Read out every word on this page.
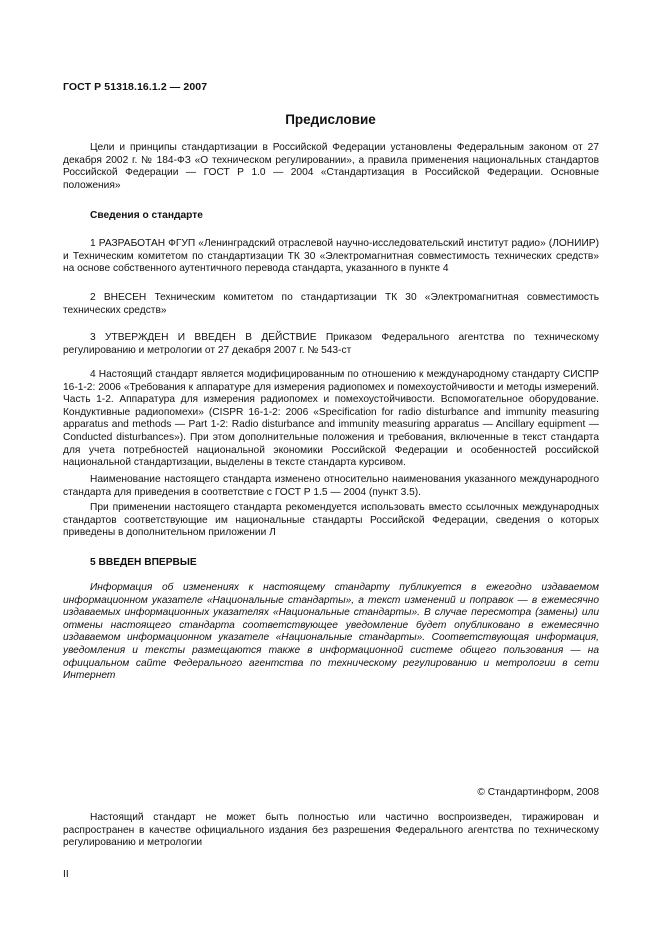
ГОСТ Р 51318.16.1.2 — 2007
Предисловие

Цели и принципы стандартизации в Российской Федерации установлены Федеральным законом от 27 декабря 2002 г. № 184-ФЗ «О техническом регулировании», а правила применения национальных стандартов Российской Федерации — ГОСТ Р 1.0 — 2004 «Стандартизация в Российской Федерации. Основные положения»

Сведения о стандарте

1 РАЗРАБОТАН ФГУП «Ленинградский отраслевой научно-исследовательский институт радио» (ЛОНИИР) и Техническим комитетом по стандартизации ТК 30 «Электромагнитная совместимость технических средств» на основе собственного аутентичного перевода стандарта, указанного в пункте 4

2 ВНЕСЕН Техническим комитетом по стандартизации ТК 30 «Электромагнитная совместимость технических средств»

3 УТВЕРЖДЕН И ВВЕДЕН В ДЕЙСТВИЕ Приказом Федерального агентства по техническому регулированию и метрологии от 27 декабря 2007 г. № 543-ст

4 Настоящий стандарт является модифицированным по отношению к международному стандарту СИСПР 16-1-2: 2006 «Требования к аппаратуре для измерения радиопомех и помехоустойчивости и методы измерений. Часть 1-2. Аппаратура для измерения радиопомех и помехоустойчивости. Вспомогательное оборудование. Кондуктивные радиопомехи» (CISPR 16-1-2: 2006 «Specification for radio disturbance and immunity measuring apparatus and methods — Part 1-2: Radio disturbance and immunity measuring apparatus — Ancillary equipment — Conducted disturbances»). При этом дополнительные положения и требования, включенные в текст стандарта для учета потребностей национальной экономики Российской Федерации и особенностей российской национальной стандартизации, выделены в тексте стандарта курсивом.

Наименование настоящего стандарта изменено относительно наименования указанного международного стандарта для приведения в соответствие с ГОСТ Р 1.5 — 2004 (пункт 3.5).

При применении настоящего стандарта рекомендуется использовать вместо ссылочных международных стандартов соответствующие им национальные стандарты Российской Федерации, сведения о которых приведены в дополнительном приложении Л

5 ВВЕДЕН ВПЕРВЫЕ

Информация об изменениях к настоящему стандарту публикуется в ежегодно издаваемом информационном указателе «Национальные стандарты», а текст изменений и поправок — в ежемесячно издаваемых информационных указателях «Национальные стандарты». В случае пересмотра (замены) или отмены настоящего стандарта соответствующее уведомление будет опубликовано в ежемесячно издаваемом информационном указателе «Национальные стандарты». Соответствующая информация, уведомления и тексты размещаются также в информационной системе общего пользования — на официальном сайте Федерального агентства по техническому регулированию и метрологии в сети Интернет

© Стандартинформ, 2008

Настоящий стандарт не может быть полностью или частично воспроизведен, тиражирован и распространен в качестве официального издания без разрешения Федерального агентства по техническому регулированию и метрологии

II
